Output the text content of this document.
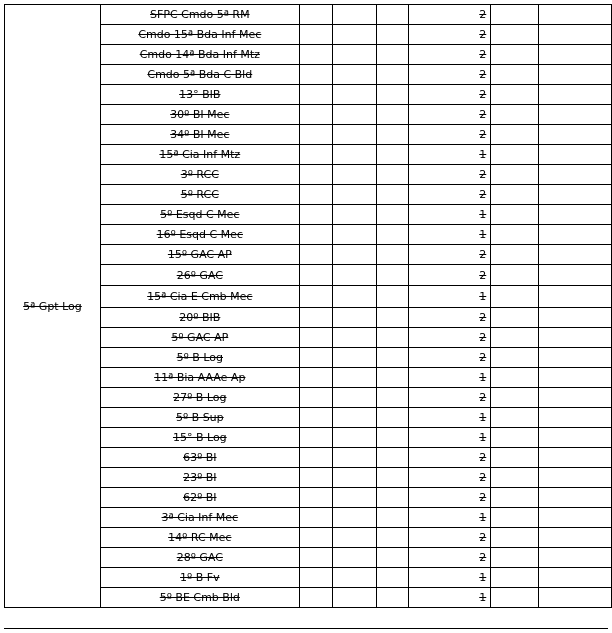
5ª Gpt Log	SFPC Cmdo 5ª RM				2		
	Cmdo 15ª Bda Inf Mec				2		
	Cmdo 14ª Bda Inf Mtz				2		
	Cmdo 5ª Bda C Bld				2		
	13° BIB				2		
	30º BI Mec				2		
	34º BI Mec				2		
	15ª Cia Inf Mtz				1		
	3º RCC				2		
	5º RCC				2		
	5º Esqd C Mec				1		
	16º Esqd C Mec				1		
	15º GAC AP				2		
	26º GAC				2		
	15ª Cia E Cmb Mec				1		
	20º BIB				2		
	5º GAC AP				2		
	5º B Log				2		
	11ª Bia AAAe Ap				1		
	27º B Log				2		
	5º B Sup				1		
	15° B Log				1		
	63º BI				2		
	23º BI				2		
	62º BI				2		
	3ª Cia Inf Mec				1		
	14º RC Mec				2		
	28º GAC				2		
	1º B Fv				1		
	5º BE Cmb Bld				1		
